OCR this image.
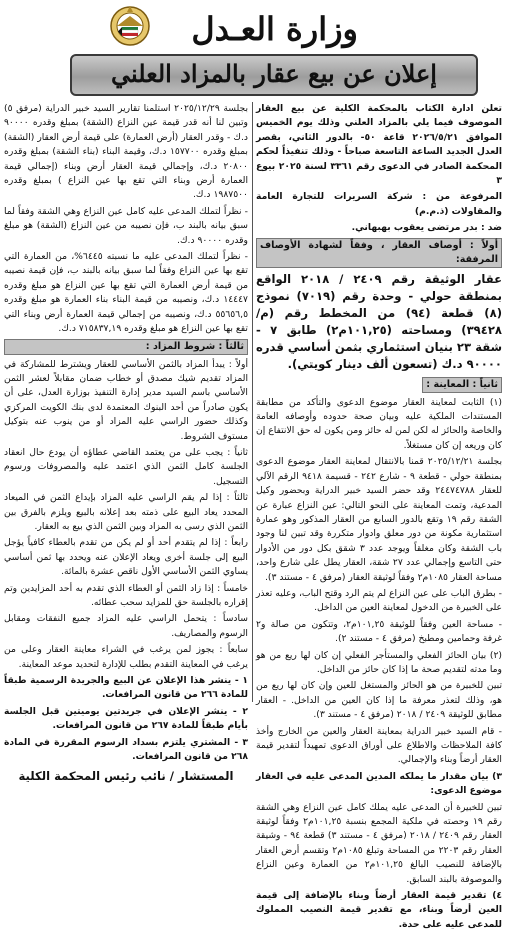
وزارة العـدل
إعلان عن بيع عقار بالمزاد العلني

تعلن ادارة الكتاب بالمحكمة الكلية عن بيع العقار الموصوف فيما يلي بالمزاد العلني وذلك يوم الخميس الموافق ٢٠٢٦/٥/٢١ قاعة ٥٠- بالدور الثاني، بقصر العدل الجديد الساعة التاسعة صباحاً - وذلك تنفيذاً لحكم المحكمة الصادر في الدعوى رقم ٣٣٦١ لسنة ٢٠٢٥ بيوع ٣

المرفوعة من : شركة السريرات للتجارة العامة والمقاولات (ذ.م.م)

ضد : بدر مرتضى يعقوب بهبهاني.

أولاً : أوصاف العقار ، وفقاً لشهادة الأوصاف المرفقة:

عقار الوثيقة رقم ٢٤٠٩ / ٢٠١٨ الواقع بمنطقة حولي - وحدة رقم (٧٠١٩) نموذج (٨) قطعة (٩٤) من المخطط رقم (م/٣٩٤٢٨) ومساحته (١٠١,٢٥م٢) طابق ٧ - شقة ٢٣ بنيان استثماري بثمن أساسي قدره ٩٠٠٠٠ د.ك (تسعون ألف دينار كويتي).

ثانياً : المعاينة :

(١) الثابت لمعاينة العقار موضوع الدعوى والتأكد من مطابقة المستندات الملكية عليه وبيان صحة حدوده وأوصافه العامة والخاصة والحائز له لكن لمن له حائز ومن يكون له حق الانتفاع إن كان وريعه إن كان مستغلاً.

بجلسة ٢٠٢٥/١٢/٢١ قمنا بالانتقال لمعاينة العقار موضوع الدعوى بمنطقة حولي - قطعة ٩ - شارع ٢٤٢ - قسيمة ٩٤١٨ الرقم الآلي للعقار ٢٤٤٧٤٧٨٨ وقد حضر السيد خبير الدراية وبحضور وكيل المدعية، وتمت المعاينة على النحو التالي: عين النزاع عبارة عن الشقة رقم ١٩ وتقع بالدور السابع من العقار المذكور وهو عمارة استثمارية مكونة من دور معلق وادوار متكررة وقد تبين لنا وجود باب الشقة وكان مغلقاً ويوجد عدد ٣ شقق بكل دور من الأدوار حتى التاسع وإجمالي عدد ٢٧ شقة، العقار يطل على شارع واحد، مساحة العقار ١٠٨٥م٢ وفقاً لوثيقة العقار (مرفق ٤ - مستند ٣).

- بطرق الباب على عين النزاع لم يتم الرد وقتح الباب، وعليه تعذر على الخبيرة من الدخول لمعاينة العين من الداخل.

- مساحة العين وفقاً للوثيقة ١٠١,٢٥م٢، وتتكون من صالة و٢ غرفة وحمامين ومطبخ (مرفق ٤ - مستند ٢).

(٢) بيان الحائز الفعلي والمستأجر الفعلي إن كان لها ريع من هو وما مدته لتقديم صحة ما إذا كان حائز من الداخل.

تبين للخبيرة من هو الحائز والمستغل للعين وإن كان لها ريع من هو، وذلك لتعذر معرفة ما إذا كان العين من الداخل. - العقار مطابق للوثيقة ٢٤٠٩ / ٢٠١٨ (مرفق ٤ - مستند ٣).

- قام السيد خبير الدراية بمعاينة العقار والعين من الخارج وأخذ كافة الملاحظات والاطلاع على أوراق الدعوى تمهيداً لتقدير قيمة العقار أرضاً وبناء والإجمالي.

٣) بيان مقدار ما يملكه المدين المدعى عليه في العقار موضوع الدعوى:

تبين للخبيرة أن المدعى عليه يملك كامل عين النزاع وهي الشقة رقم ١٩ وحصته في ملكية المجمع بنسبة ١٠١,٢٥م٢ وفقاً لوثيقة العقار رقم ٢٤٠٩ / ٢٠١٨ (مرفق ٤ - مستند ٣) قطعة ٩٤ - وشيقة العقار رقم ٢٢٠٣ من المساحة وتبلغ ١٠٨٥م٢ وتقسم أرض العقار بالإضافة للنصيب البالغ ١٠١,٢٥م٢ من العمارة وعين النزاع والموصوفة بالبند السابق.

٤) تقدير قيمة العقار أرضاً وبناء بالإضافة إلى قيمة العين أرضاً وبناء، مع تقدير قيمة النصيب المملوك للمدعى عليه على حدة.

بجلسة ٢٠٢٥/١٢/٢٩ استلمنا تقارير السيد خبير الدراية (مرفق ٥) وتبين لنا أنه قدر قيمة عين النزاع (الشقة) بمبلغ وقدره ٩٠٠٠٠ د.ك - وقدر العقار (أرض العمارة) على قيمة أرض العقار (الشقة) بمبلغ وقدره ١٥٧٧٠٠ د.ك، وقيمة البناء (بناء الشقة) بمبلغ وقدره ٢٠٨٠٠ د.ك، وإجمالي قيمة العقار أرض وبناء (إجمالي قيمة العمارة أرض وبناء التي تقع بها عين النزاع ) بمبلغ وقدره ١٩٨٧٥٠٠ د.ك.

- نظراً لتملك المدعى عليه كامل عين النزاع وهي الشقة وفقاً لما سبق بيانه بالبند ب، فإن نصيبه من عين النزاع (الشقة) هو مبلغ وقدره ٩٠٠٠٠ د.ك.

- نظراً لتملك المدعى عليه ما نسبته ٦٤٤٥%، من العمارة التي تقع بها عين النزاع وفقاً لما سبق بيانه بالبند ب، فإن قيمة نصيبه من قيمة أرض العمارة التي تقع بها عين النزاع هو مبلغ وقدره ١٤٤٤٧ د.ك، ونصيبه من قيمة البناء بناء العمارة هو مبلغ وقدره ٥٥٦٥٦,٥ د.ك، ونصيبه من إجمالي قيمة العمارة أرض وبناء التي تقع بها عين النزاع هو مبلغ وقدره ٧١٥٨٣٧,١٩ د.ك.

ثالثاً : شروط المزاد :

أولاً : يبدأ المزاد بالثمن الأساسي للعقار ويشترط للمشاركة في المزاد تقديم شيك مصدق أو خطاب ضمان مقابلاً لعشر الثمن الأساسي باسم السيد مدير إدارة التنفيذ بوزارة العدل، على أن يكون صادراً من أحد البنوك المعتمدة لدى بنك الكويت المركزي وكذلك حضور الراسي عليه المزاد أو من ينوب عنه بتوكيل مستوف الشروط.

ثانياً : يجب على من يعتمد القاضي عطاؤه أن يودع حال انعقاد الجلسة كامل الثمن الذي اعتمد عليه والمصروفات ورسوم التسجيل.

ثالثاً : إذا لم يقم الراسي عليه المزاد بإيداع الثمن في الميعاد المحدد يعاد البيع على ذمته بعد إعلانه بالبيع ويلزم بالفرق بين الثمن الذي رسى به المزاد وبين الثمن الذي بيع به العقار.

رابعاً : إذا لم يتقدم أحد أو لم يكن من تقدم بالعطاء كافياً يؤجل البيع إلى جلسة أخرى ويعاد الإعلان عنه ويحدد بها ثمن أساسي يساوي الثمن الأساسي الأول ناقص عشرة بالمائة.

خامساً : إذا زاد الثمن أو العطاء الذي تقدم به أحد المزايدين وتم إقراره بالجلسة حق للمزايد سحب عطائه.

سادساً : يتحمل الراسي عليه المزاد جميع النفقات ومقابل الرسوم والمصاريف.

سابعاً : يجوز لمن يرغب في الشراء معاينة العقار وعلى من يرغب في المعاينة التقدم بطلب للإدارة لتحديد موعد المعاينة.

١ - ينشر هذا الإعلان عن البيع والجريدة الرسمية طبقاً للمادة ٢٦٦ من قانون المرافعات.

٢ - ينشر الإعلان في جريدتين يوميتين قبل الجلسة بأيام طبقاً للمادة ٢٦٧ من قانون المرافعات.

٣ - المشتري يلتزم بسداد الرسوم المقررة في المادة ٢٦٨ من قانون المرافعات.

المستشار / نائب رئيس المحكمة الكلية
